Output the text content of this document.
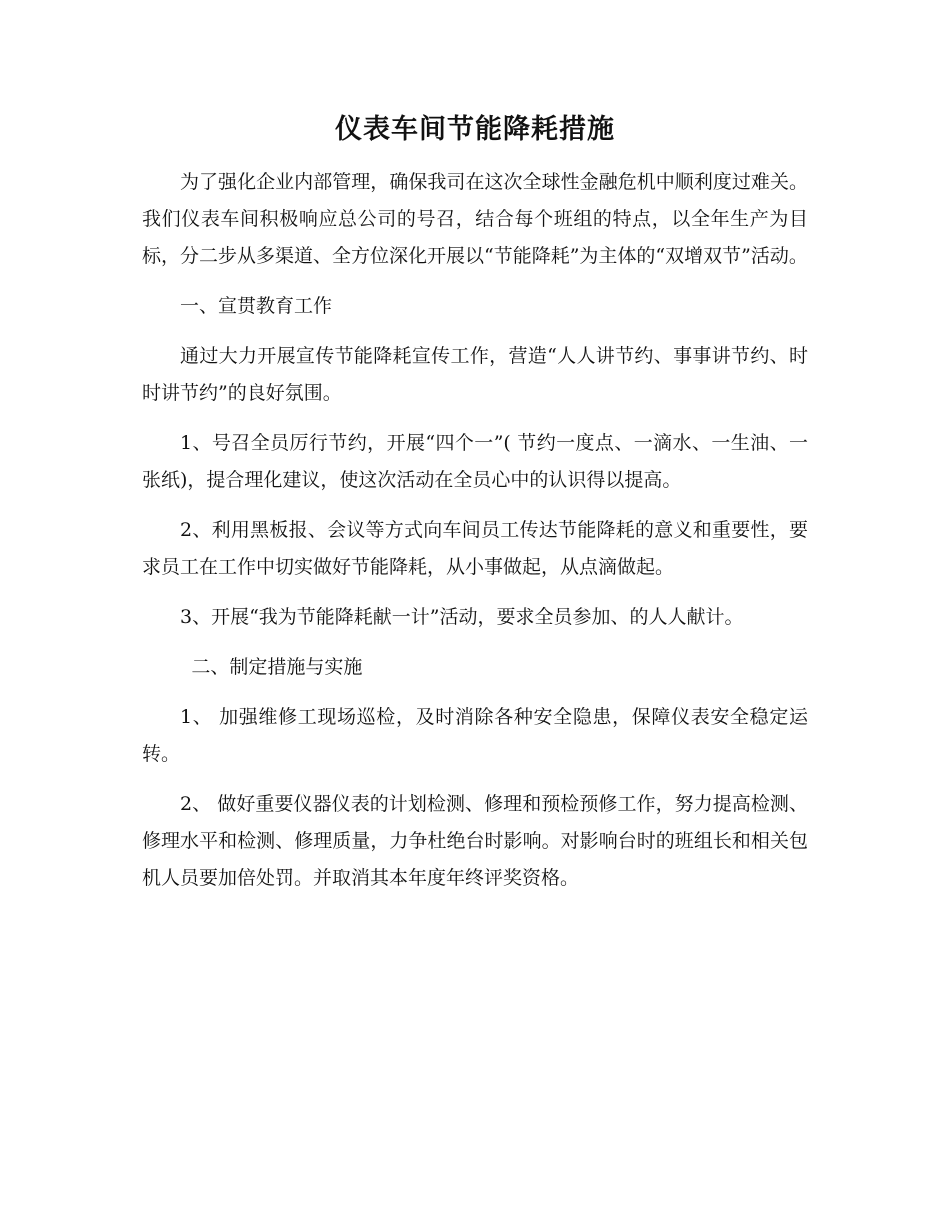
仪表车间节能降耗措施

为了强化企业内部管理，确保我司在这次全球性金融危机中顺利度过难关。我们仪表车间积极响应总公司的号召，结合每个班组的特点，以全年生产为目标，分二步从多渠道、全方位深化开展以“节能降耗”为主体的“双增双节”活动。

一、宣贯教育工作

通过大力开展宣传节能降耗宣传工作，营造“人人讲节约、事事讲节约、时时讲节约”的良好氛围。

1、号召全员厉行节约，开展“四个一”( 节约一度点、一滴水、一生油、一张纸)，提合理化建议，使这次活动在全员心中的认识得以提高。

2、利用黑板报、会议等方式向车间员工传达节能降耗的意义和重要性，要求员工在工作中切实做好节能降耗，从小事做起，从点滴做起。

3、开展“我为节能降耗献一计”活动，要求全员参加、的人人献计。

二、制定措施与实施

1、 加强维修工现场巡检，及时消除各种安全隐患，保障仪表安全稳定运转。

2、 做好重要仪器仪表的计划检测、修理和预检预修工作，努力提高检测、修理水平和检测、修理质量，力争杜绝台时影响。对影响台时的班组长和相关包机人员要加倍处罚。并取消其本年度年终评奖资格。
